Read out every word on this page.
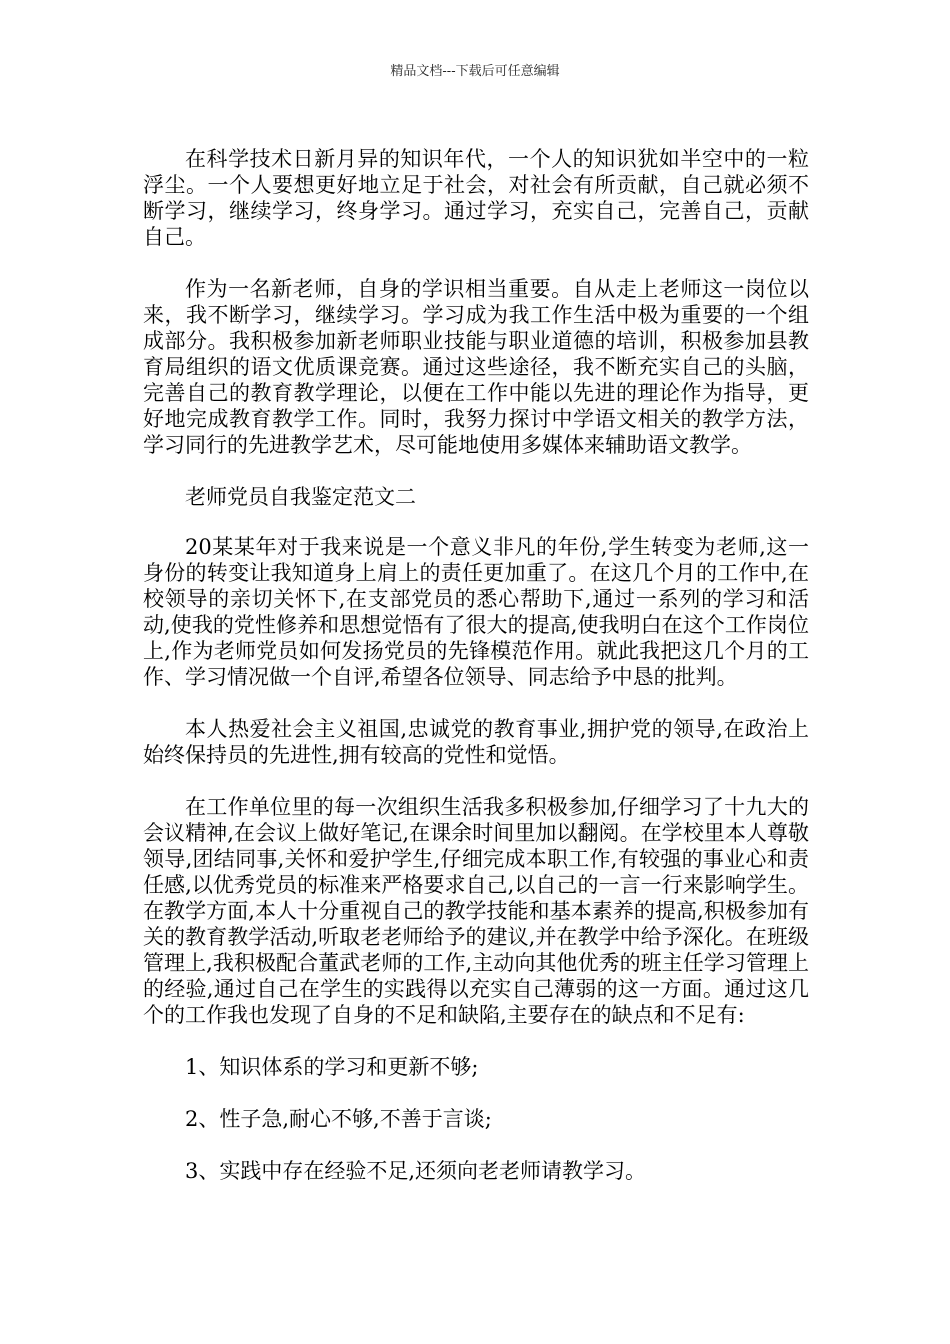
精品文档---下载后可任意编辑

在科学技术日新月异的知识年代，一个人的知识犹如半空中的一粒浮尘。一个人要想更好地立足于社会，对社会有所贡献，自己就必须不断学习，继续学习，终身学习。通过学习，充实自己，完善自己，贡献自己。

作为一名新老师，自身的学识相当重要。自从走上老师这一岗位以来，我不断学习，继续学习。学习成为我工作生活中极为重要的一个组成部分。我积极参加新老师职业技能与职业道德的培训，积极参加县教育局组织的语文优质课竞赛。通过这些途径，我不断充实自己的头脑，完善自己的教育教学理论，以便在工作中能以先进的理论作为指导，更好地完成教育教学工作。同时，我努力探讨中学语文相关的教学方法，学习同行的先进教学艺术，尽可能地使用多媒体来辅助语文教学。

老师党员自我鉴定范文二

20某某年对于我来说是一个意义非凡的年份,学生转变为老师,这一身份的转变让我知道身上肩上的责任更加重了。在这几个月的工作中,在校领导的亲切关怀下,在支部党员的悉心帮助下,通过一系列的学习和活动,使我的党性修养和思想觉悟有了很大的提高,使我明白在这个工作岗位上,作为老师党员如何发扬党员的先锋模范作用。就此我把这几个月的工作、学习情况做一个自评,希望各位领导、同志给予中恳的批判。

本人热爱社会主义祖国,忠诚党的教育事业,拥护党的领导,在政治上始终保持员的先进性,拥有较高的党性和觉悟。

在工作单位里的每一次组织生活我多积极参加,仔细学习了十九大的会议精神,在会议上做好笔记,在课余时间里加以翻阅。在学校里本人尊敬领导,团结同事,关怀和爱护学生,仔细完成本职工作,有较强的事业心和责任感,以优秀党员的标准来严格要求自己,以自己的一言一行来影响学生。在教学方面,本人十分重视自己的教学技能和基本素养的提高,积极参加有关的教育教学活动,听取老老师给予的建议,并在教学中给予深化。在班级管理上,我积极配合董武老师的工作,主动向其他优秀的班主任学习管理上的经验,通过自己在学生的实践得以充实自己薄弱的这一方面。通过这几个的工作我也发现了自身的不足和缺陷,主要存在的缺点和不足有:

1、知识体系的学习和更新不够;

2、性子急,耐心不够,不善于言谈;

3、实践中存在经验不足,还须向老老师请教学习。
